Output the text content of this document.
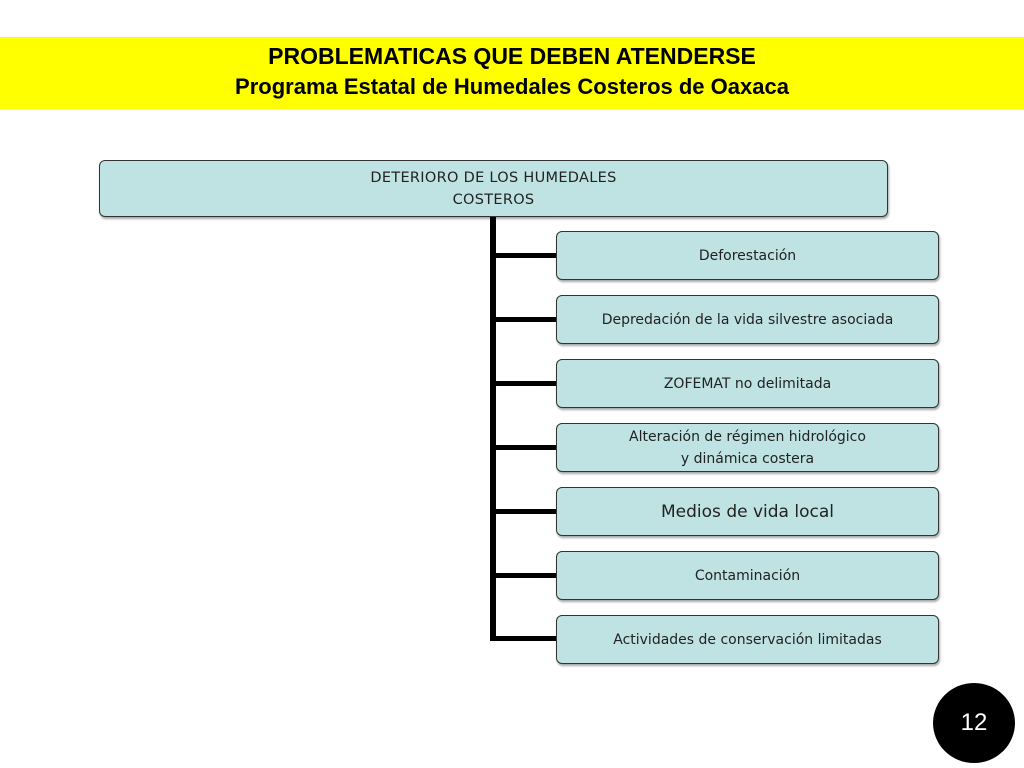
PROBLEMATICAS QUE DEBEN ATENDERSE
Programa Estatal de Humedales Costeros de Oaxaca
DETERIORO DE LOS HUMEDALES
COSTEROS
Deforestación
Depredación de la vida silvestre asociada
ZOFEMAT no delimitada
Alteración de régimen hidrológico
y dinámica costera
Medios de vida local
Contaminación
Actividades de conservación limitadas
12
